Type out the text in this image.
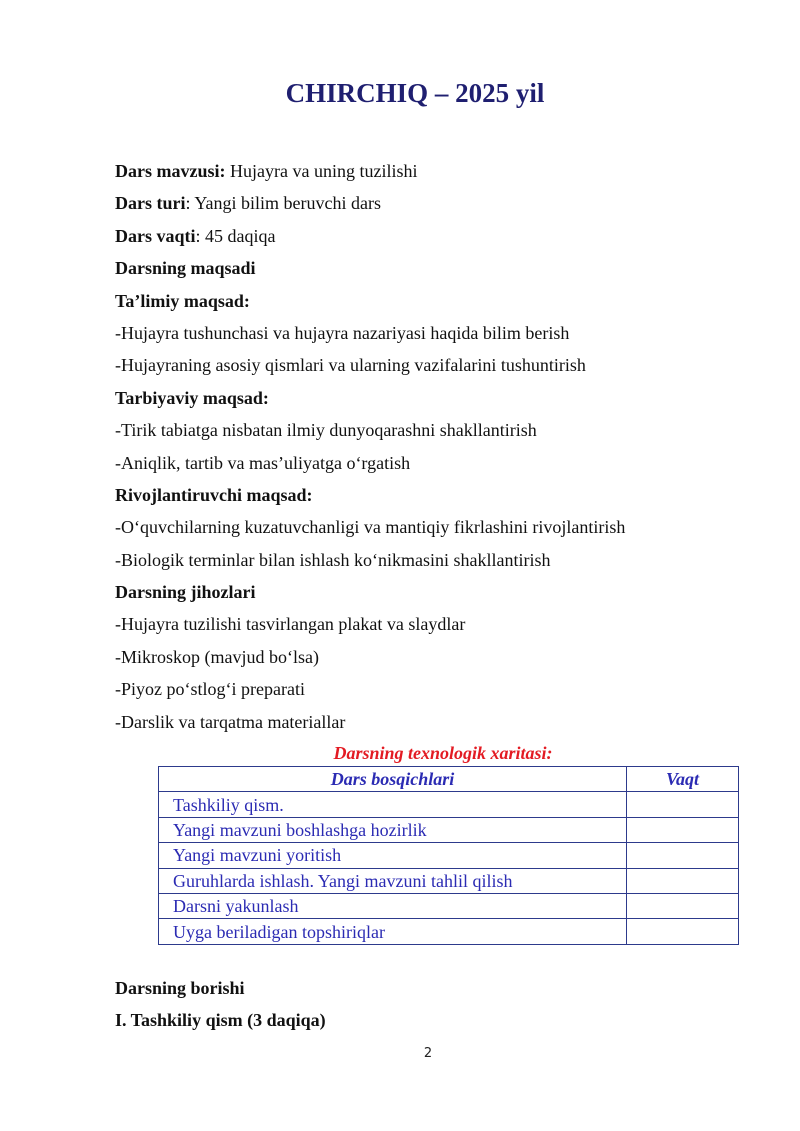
CHIRCHIQ – 2025 yil
Dars mavzusi: Hujayra va uning tuzilishi
Dars turi: Yangi bilim beruvchi dars
Dars vaqti: 45 daqiqa
Darsning maqsadi
Ta’limiy maqsad:
-Hujayra tushunchasi va hujayra nazariyasi haqida bilim berish
-Hujayraning asosiy qismlari va ularning vazifalarini tushuntirish
Tarbiyaviy maqsad:
-Tirik tabiatga nisbatan ilmiy dunyoqarashni shakllantirish
-Aniqlik, tartib va mas’uliyatga o‘rgatish
Rivojlantiruvchi maqsad:
-O‘quvchilarning kuzatuvchanligi va mantiqiy fikrlashini rivojlantirish
-Biologik terminlar bilan ishlash ko‘nikmasini shakllantirish
Darsning jihozlari
-Hujayra tuzilishi tasvirlangan plakat va slaydlar
-Mikroskop (mavjud bo‘lsa)
-Piyoz po‘stlog‘i preparati
-Darslik va tarqatma materiallar
Darsning texnologik xaritasi:
Dars bosqichlari	Vaqt
Tashkiliy qism.	
Yangi mavzuni boshlashga hozirlik	
Yangi mavzuni yoritish	
Guruhlarda ishlash. Yangi mavzuni tahlil qilish	
Darsni yakunlash	
Uyga beriladigan topshiriqlar	
Darsning borishi
I. Tashkiliy qism (3 daqiqa)
2
